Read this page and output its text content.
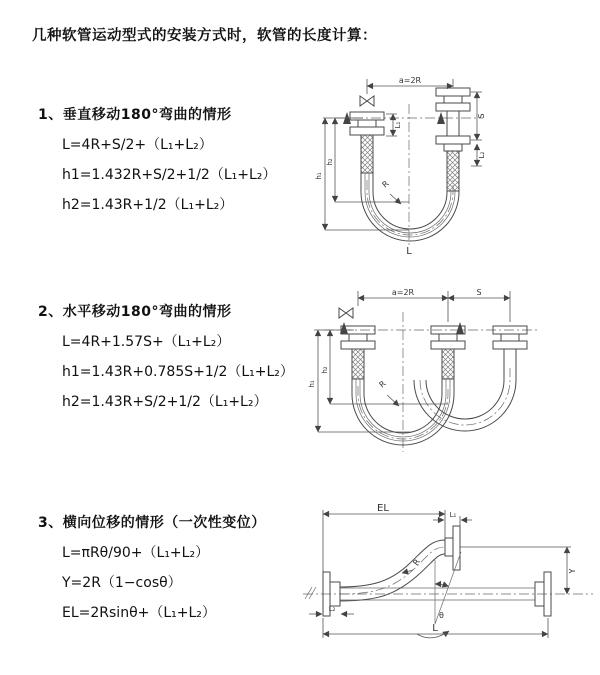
几种软管运动型式的安装方式时，软管的长度计算：
1、垂直移动180°弯曲的情形
L=4R+S/2+（L₁+L₂）
h1=1.432R+S/2+1/2（L₁+L₂）
h2=1.43R+1/2（L₁+L₂）
a=2R
S
L₂
L₁
h₂
h₁
R
L
2、水平移动180°弯曲的情形
L=4R+1.57S+（L₁+L₂）
h1=1.43R+0.785S+1/2（L₁+L₂）
h2=1.43R+S/2+1/2（L₁+L₂）
a=2R	S
h₂
h₁	R
3、横向位移的情形（一次性变位）
L=πRθ/90+（L₁+L₂）
Y=2R（1−cosθ）
EL=2Rsinθ+（L₁+L₂）
EL
L₁
Y
θ
R
L
L₂
